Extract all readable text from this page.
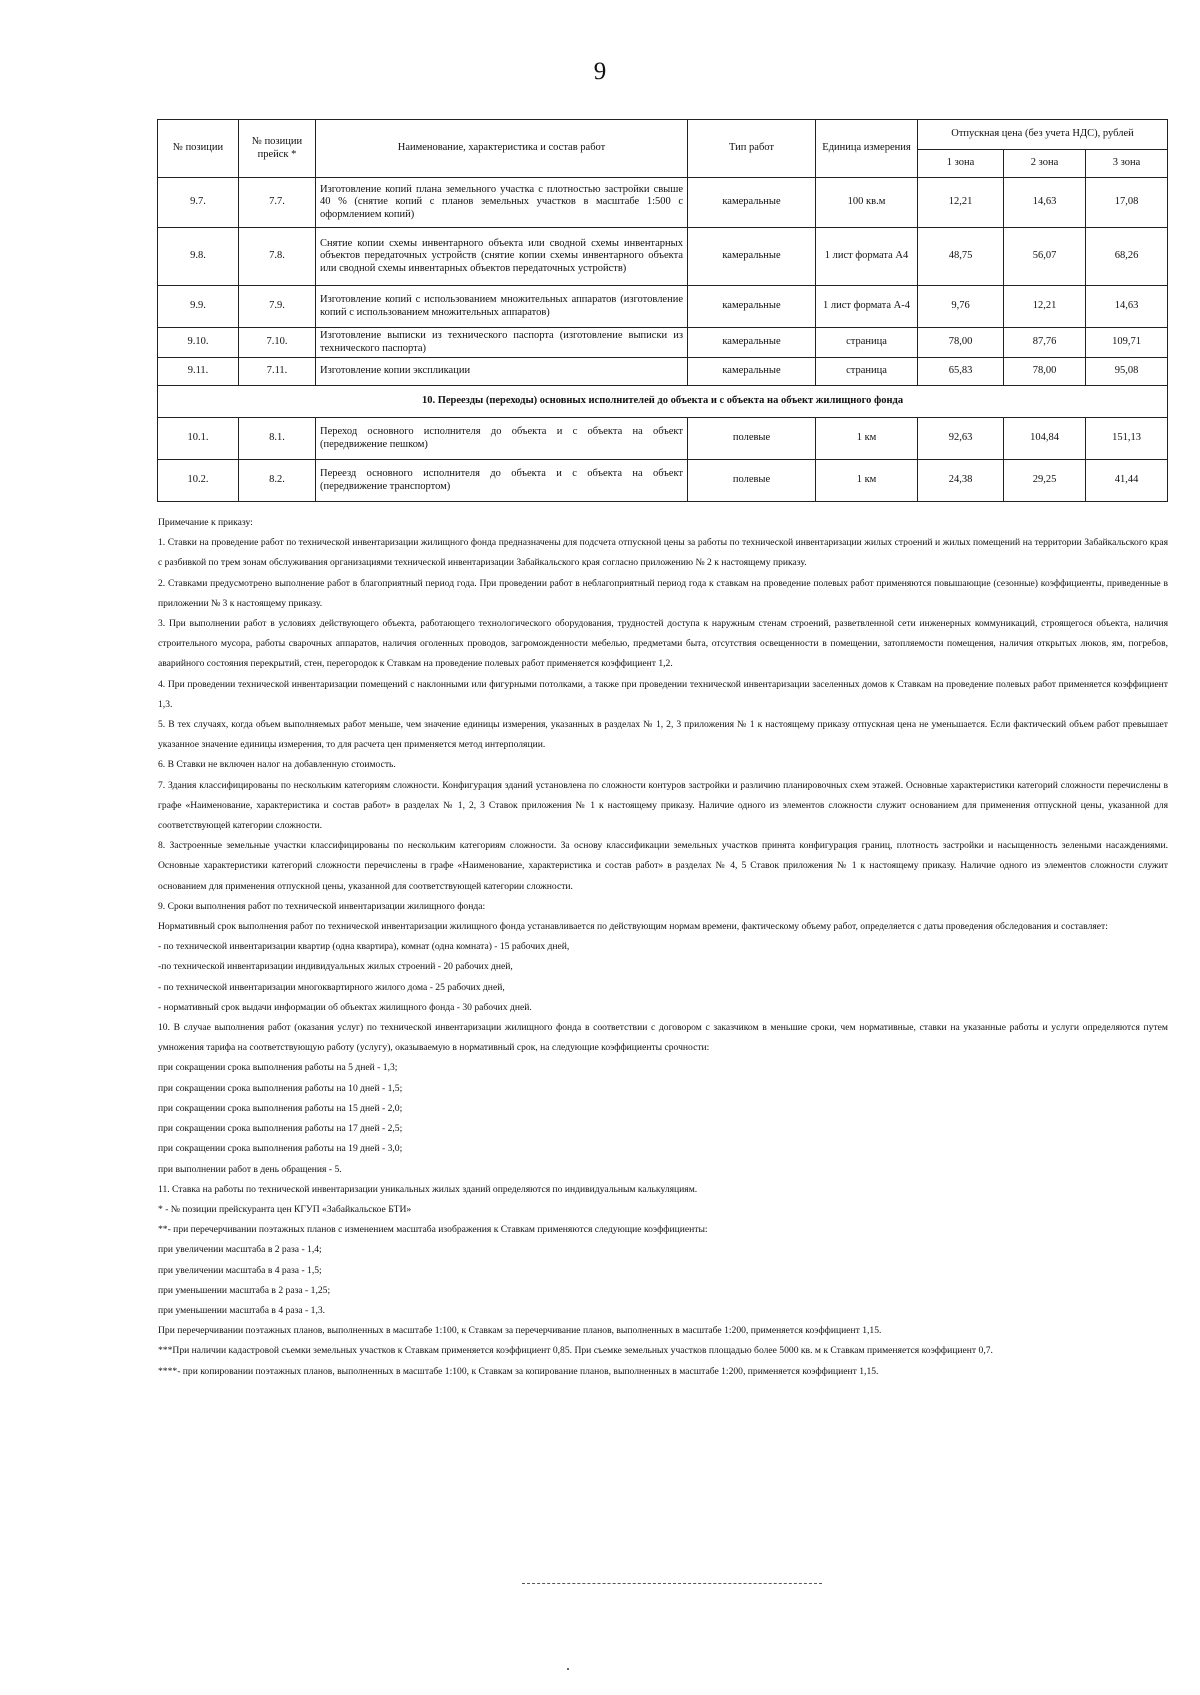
9
№ позиции	№ позиции прейск *	Наименование, характеристика и состав работ	Тип работ	Единица измерения	Отпускная цена (без учета НДС), рублей		
					1 зона	2 зона	3 зона
9.7.	7.7.	Изготовление копий плана земельного участка с плотностью застройки свыше 40 % (снятие копий с планов земельных участков в масштабе 1:500 с оформлением копий)	камеральные	100 кв.м	12,21	14,63	17,08
9.8.	7.8.	Снятие копии схемы инвентарного объекта или сводной схемы инвентарных объектов передаточных устройств (снятие копии схемы инвентарного объекта или сводной схемы инвентарных объектов передаточных устройств)	камеральные	1 лист формата А4	48,75	56,07	68,26
9.9.	7.9.	Изготовление копий с использованием множительных аппаратов (изготовление копий с использованием множительных аппаратов)	камеральные	1 лист формата А-4	9,76	12,21	14,63
9.10.	7.10.	Изготовление выписки из технического паспорта (изготовление выписки из технического паспорта)	камеральные	страница	78,00	87,76	109,71
9.11.	7.11.	Изготовление копии экспликации	камеральные	страница	65,83	78,00	95,08
10. Переезды (переходы) основных исполнителей до объекта и с объекта на объект жилищного фонда							
10.1.	8.1.	Переход основного исполнителя до объекта и с объекта на объект (передвижение пешком)	полевые	1 км	92,63	104,84	151,13
10.2.	8.2.	Переезд основного исполнителя до объекта и с объекта на объект (передвижение транспортом)	полевые	1 км	24,38	29,25	41,44

Примечание к приказу:

1. Ставки на проведение работ по технической инвентаризации жилищного фонда предназначены для подсчета отпускной цены за работы по технической инвентаризации жилых строений и жилых помещений на территории Забайкальского края с разбивкой по трем зонам обслуживания организациями технической инвентаризации Забайкальского края согласно приложению № 2 к настоящему приказу.

2. Ставками предусмотрено выполнение работ в благоприятный период года. При проведении работ в неблагоприятный период года к ставкам на проведение полевых работ применяются повышающие (сезонные) коэффициенты, приведенные в приложении № 3 к настоящему приказу.

3. При выполнении работ в условиях действующего объекта, работающего технологического оборудования, трудностей доступа к наружным стенам строений, разветвленной сети инженерных коммуникаций, строящегося объекта, наличия строительного мусора, работы сварочных аппаратов, наличия оголенных проводов, загроможденности мебелью, предметами быта, отсутствия освещенности в помещении, затопляемости помещения, наличия открытых люков, ям, погребов, аварийного состояния перекрытий, стен, перегородок к Ставкам на проведение полевых работ применяется коэффициент 1,2.

4. При проведении технической инвентаризации помещений с наклонными или фигурными потолками, а также при проведении технической инвентаризации заселенных домов к Ставкам на проведение полевых работ применяется коэффициент 1,3.

5. В тех случаях, когда объем выполняемых работ меньше, чем значение единицы измерения, указанных в разделах № 1, 2, 3 приложения № 1 к настоящему приказу отпускная цена не уменьшается. Если фактический объем работ превышает указанное значение единицы измерения, то для расчета цен применяется метод интерполяции.

6. В Ставки не включен налог на добавленную стоимость.

7. Здания классифицированы по нескольким категориям сложности. Конфигурация зданий установлена по сложности контуров застройки и различию планировочных схем этажей. Основные характеристики категорий сложности перечислены в графе «Наименование, характеристика и состав работ» в разделах № 1, 2, 3 Ставок приложения № 1 к настоящему приказу. Наличие одного из элементов сложности служит основанием для применения отпускной цены, указанной для соответствующей категории сложности.

8. Застроенные земельные участки классифицированы по нескольким категориям сложности. За основу классификации земельных участков принята конфигурация границ, плотность застройки и насыщенность зелеными насаждениями. Основные характеристики категорий сложности перечислены в графе «Наименование, характеристика и состав работ» в разделах № 4, 5 Ставок приложения № 1 к настоящему приказу. Наличие одного из элементов сложности служит основанием для применения отпускной цены, указанной для соответствующей категории сложности.

9. Сроки выполнения работ по технической инвентаризации жилищного фонда:

Нормативный срок выполнения работ по технической инвентаризации жилищного фонда устанавливается по действующим нормам времени, фактическому объему работ, определяется с даты проведения обследования и составляет:

- по технической инвентаризации квартир (одна квартира), комнат (одна комната) - 15 рабочих дней,

-по технической инвентаризации индивидуальных жилых строений - 20 рабочих дней,

- по технической инвентаризации многоквартирного жилого дома - 25 рабочих дней,

- нормативный срок выдачи информации об объектах жилищного фонда - 30 рабочих дней.

10. В случае выполнения работ (оказания услуг) по технической инвентаризации жилищного фонда в соответствии с договором с заказчиком в меньшие сроки, чем нормативные, ставки на указанные работы и услуги определяются путем умножения тарифа на соответствующую работу (услугу), оказываемую в нормативный срок, на следующие коэффициенты срочности:

при сокращении срока выполнения работы на 5 дней - 1,3;

при сокращении срока выполнения работы на 10 дней - 1,5;

при сокращении срока выполнения работы на 15 дней - 2,0;

при сокращении срока выполнения работы на 17 дней - 2,5;

при сокращении срока выполнения работы на 19 дней - 3,0;

при выполнении работ в день обращения - 5.

11. Ставка на работы по технической инвентаризации уникальных жилых зданий определяются по индивидуальным калькуляциям.

* - № позиции прейскуранта цен КГУП «Забайкальское БТИ»

**- при перечерчивании поэтажных планов с изменением масштаба изображения к Ставкам применяются следующие коэффициенты:

при увеличении масштаба в 2 раза - 1,4;

при увеличении масштаба в 4 раза - 1,5;

при уменьшении масштаба в 2 раза - 1,25;

при уменьшении масштаба в 4 раза - 1,3.

При перечерчивании поэтажных планов, выполненных в масштабе 1:100, к Ставкам за перечерчивание планов, выполненных в масштабе 1:200, применяется коэффициент 1,15.

***При наличии кадастровой съемки земельных участков к Ставкам применяется коэффициент 0,85. При съемке земельных участков площадью более 5000 кв. м к Ставкам применяется коэффициент 0,7.

****- при копировании поэтажных планов, выполненных в масштабе 1:100, к Ставкам за копирование планов, выполненных в масштабе 1:200, применяется коэффициент 1,15.
